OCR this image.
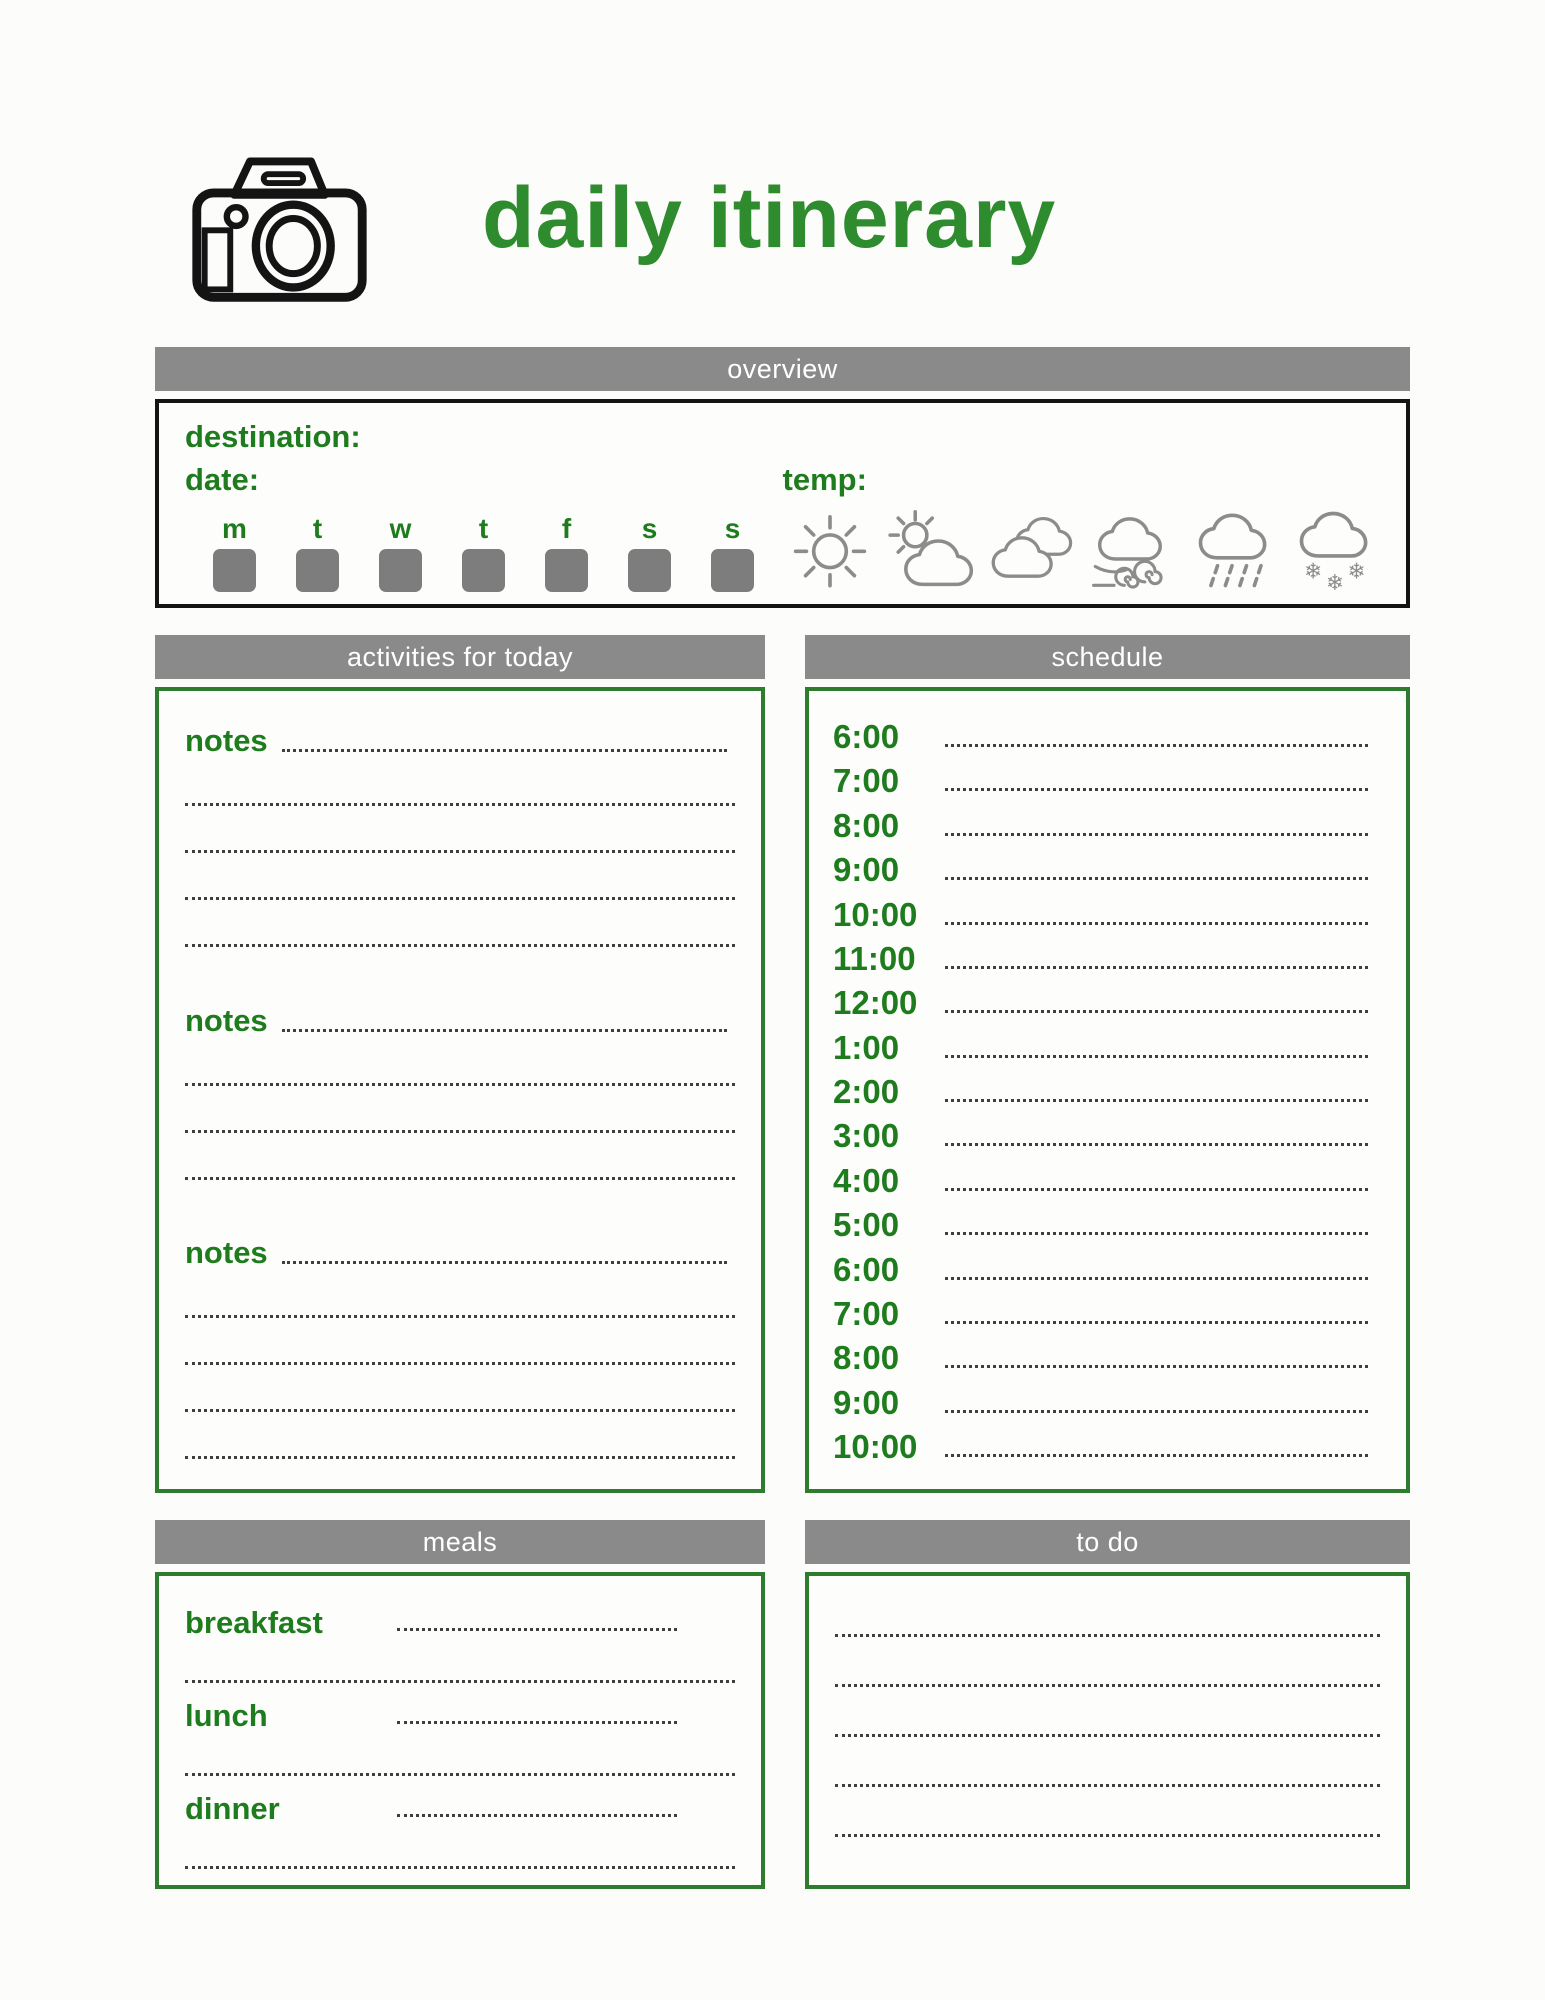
daily itinerary
overview
destination:
date:	temp:
m t w t	f	s s
❄ ❄ ❄
activities for today
notes
notes
notes
schedule
6:00
7:00
8:00
9:00
10:00
11:00
12:00
1:00
2:00
3:00
4:00
5:00
6:00
7:00
8:00
9:00
10:00
meals
breakfast
lunch
dinner
to do
